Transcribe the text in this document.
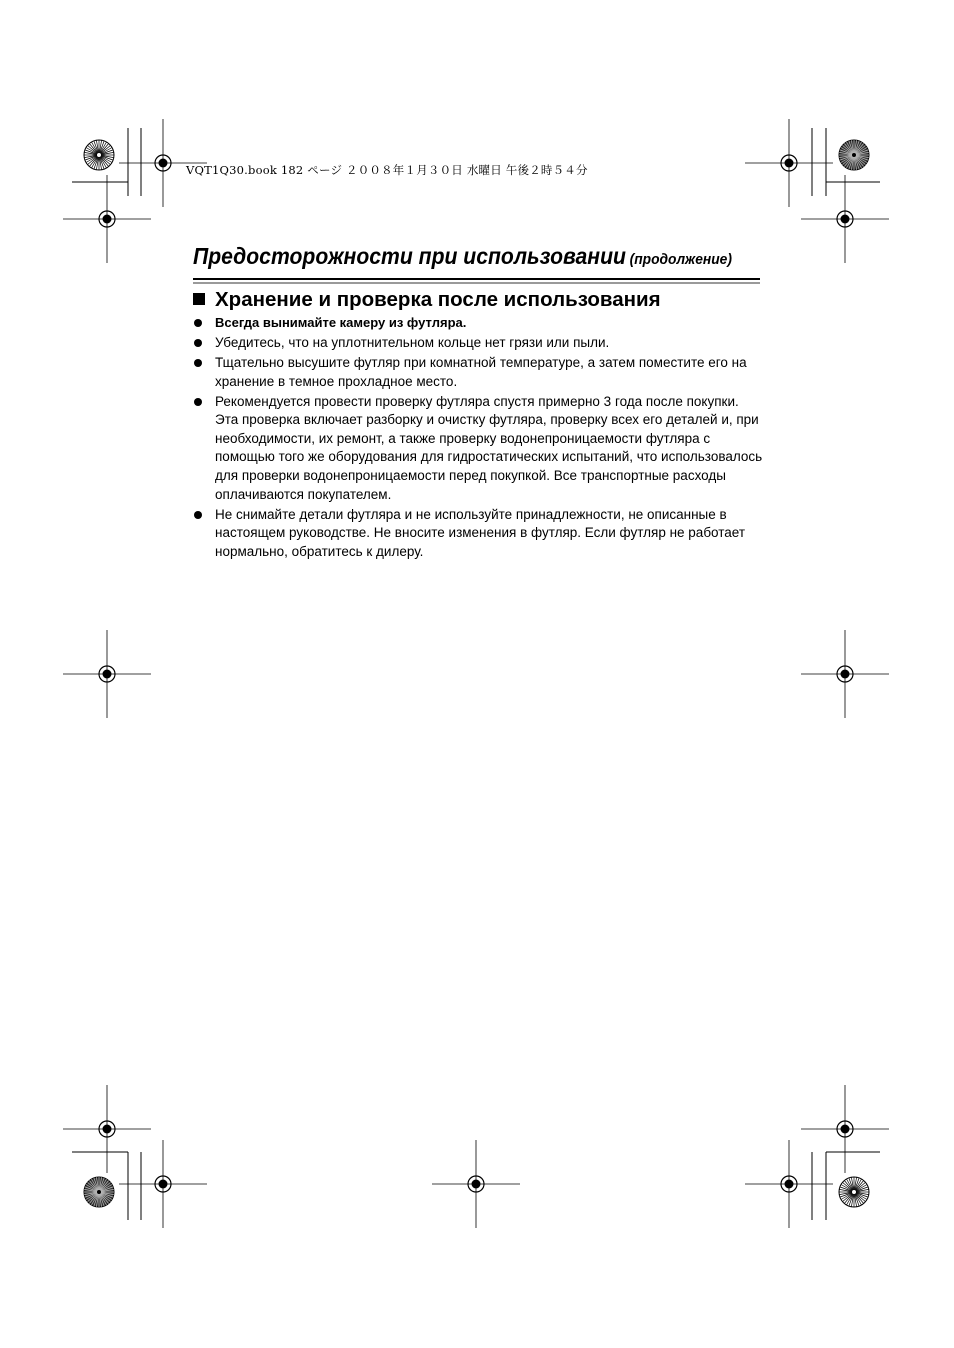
VQT1Q30.book 182 ページ ２００８年１月３０日 水曜日 午後２時５４分
Предосторожности при использовании (продолжение)
Хранение и проверка после использования
Всегда вынимайте камеру из футляра.
Убедитесь, что на уплотнительном кольце нет грязи или пыли.
Тщательно высушите футляр при комнатной температуре, а затем поместите его на хранение в темное прохладное место.
Рекомендуется провести проверку футляра спустя примерно 3 года после покупки. Эта проверка включает разборку и очистку футляра, проверку всех его деталей и, при необходимости, их ремонт, а также проверку водонепроницаемости футляра с помощью того же оборудования для гидростатических испытаний, что использовалось для проверки водонепроницаемости перед покупкой. Все транспортные расходы оплачиваются покупателем.
Не снимайте детали футляра и не используйте принадлежности, не описанные в настоящем руководстве. Не вносите изменения в футляр. Если футляр не работает нормально, обратитесь к дилеру.
